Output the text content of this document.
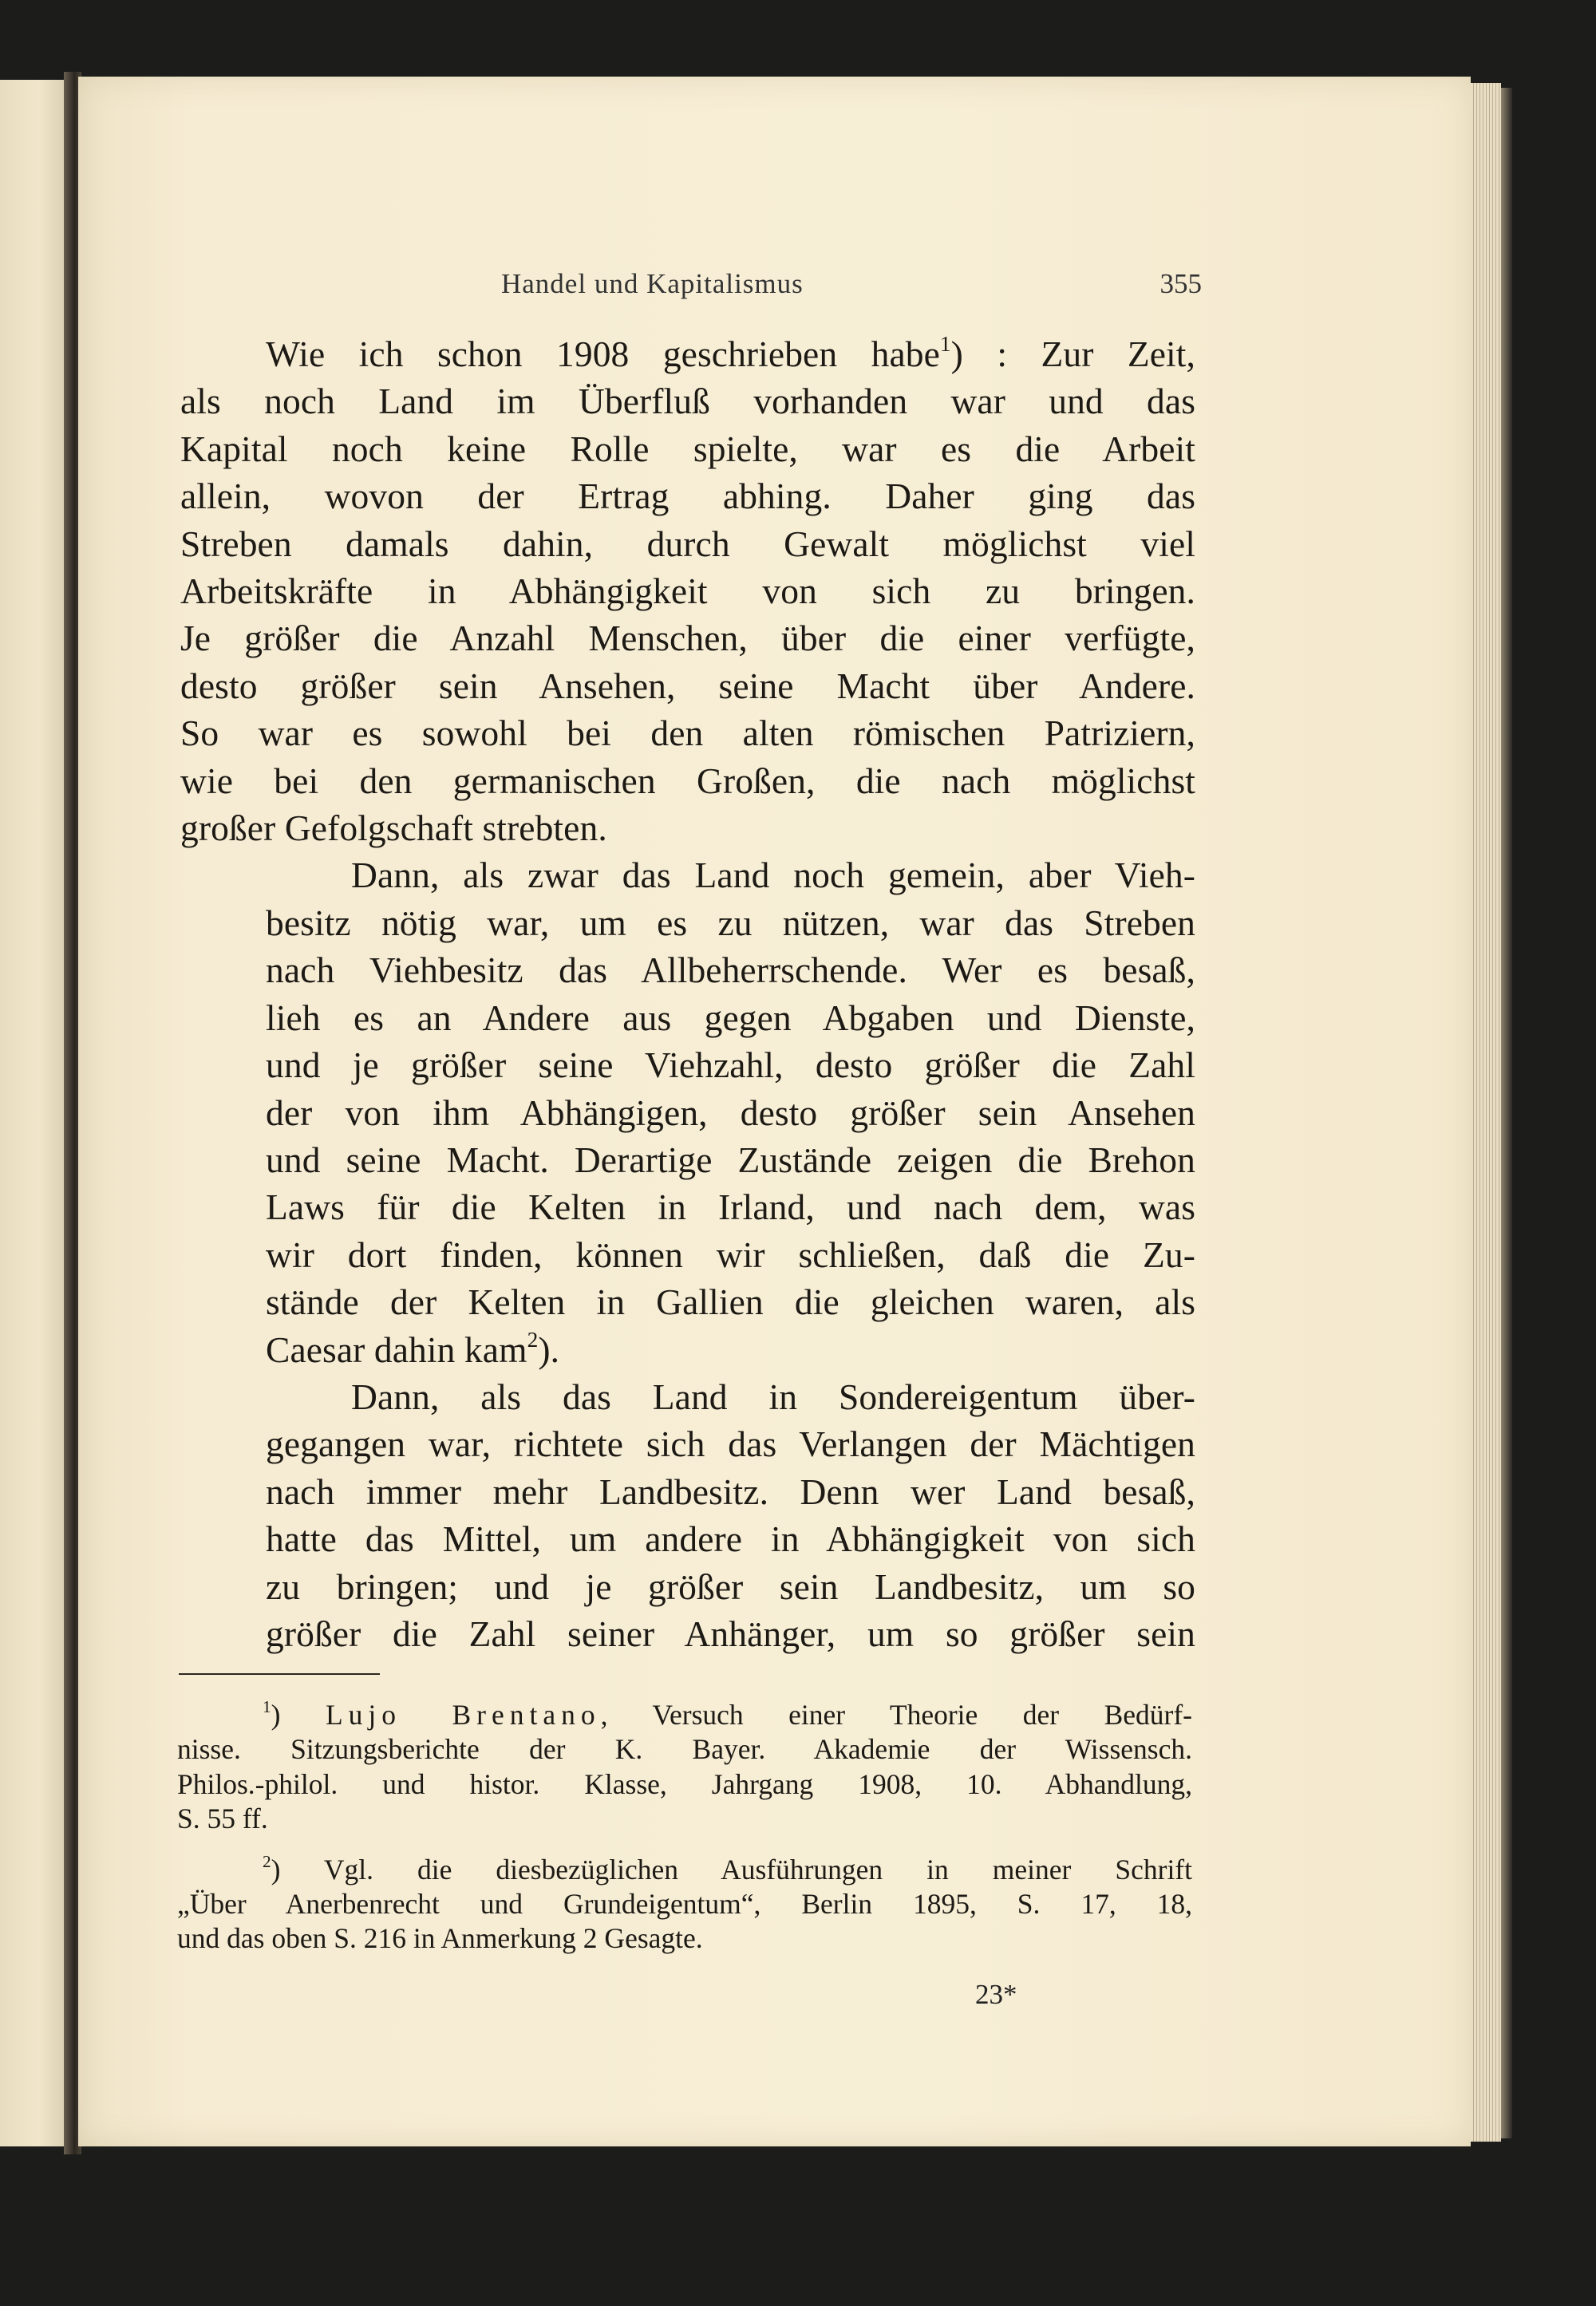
Handel und Kapitalismus	355

Wie ich schon 1908 geschrieben habe$^1$) : Zur Zeit,
als noch Land im Überfluß vorhanden war und das
Kapital noch keine Rolle spielte, war es die Arbeit
allein, wovon der Ertrag abhing. Daher ging das
Streben damals dahin, durch Gewalt möglichst viel
Arbeitskräfte in Abhängigkeit von sich zu bringen.
Je größer die Anzahl Menschen, über die einer verfügte,
desto größer sein Ansehen, seine Macht über Andere.
So war es sowohl bei den alten römischen Patriziern,
wie bei den germanischen Großen, die nach möglichst
großer Gefolgschaft strebten.

Dann, als zwar das Land noch gemein, aber Vieh-
besitz nötig war, um es zu nützen, war das Streben
nach Viehbesitz das Allbeherrschende. Wer es besaß,
lieh es an Andere aus gegen Abgaben und Dienste,
und je größer seine Viehzahl, desto größer die Zahl
der von ihm Abhängigen, desto größer sein Ansehen
und seine Macht. Derartige Zustände zeigen die Brehon
Laws für die Kelten in Irland, und nach dem, was
wir dort finden, können wir schließen, daß die Zu-
stände der Kelten in Gallien die gleichen waren, als
Caesar dahin kam$^2$).

Dann, als das Land in Sondereigentum über-
gegangen war, richtete sich das Verlangen der Mächtigen
nach immer mehr Landbesitz. Denn wer Land besaß,
hatte das Mittel, um andere in Abhängigkeit von sich
zu bringen; und je größer sein Landbesitz, um so
größer die Zahl seiner Anhänger, um so größer sein

$^1$) Lujo Brentano, Versuch einer Theorie der Bedürf-
nisse. Sitzungsberichte der K. Bayer. Akademie der Wissensch.
Philos.-philol. und histor. Klasse, Jahrgang 1908, 10. Abhandlung,
S. 55 ff.
$^2$) Vgl. die diesbezüglichen Ausführungen in meiner Schrift
„Über Anerbenrecht und Grundeigentum“, Berlin 1895, S. 17, 18,
und das oben S. 216 in Anmerkung 2 Gesagte.
23*
